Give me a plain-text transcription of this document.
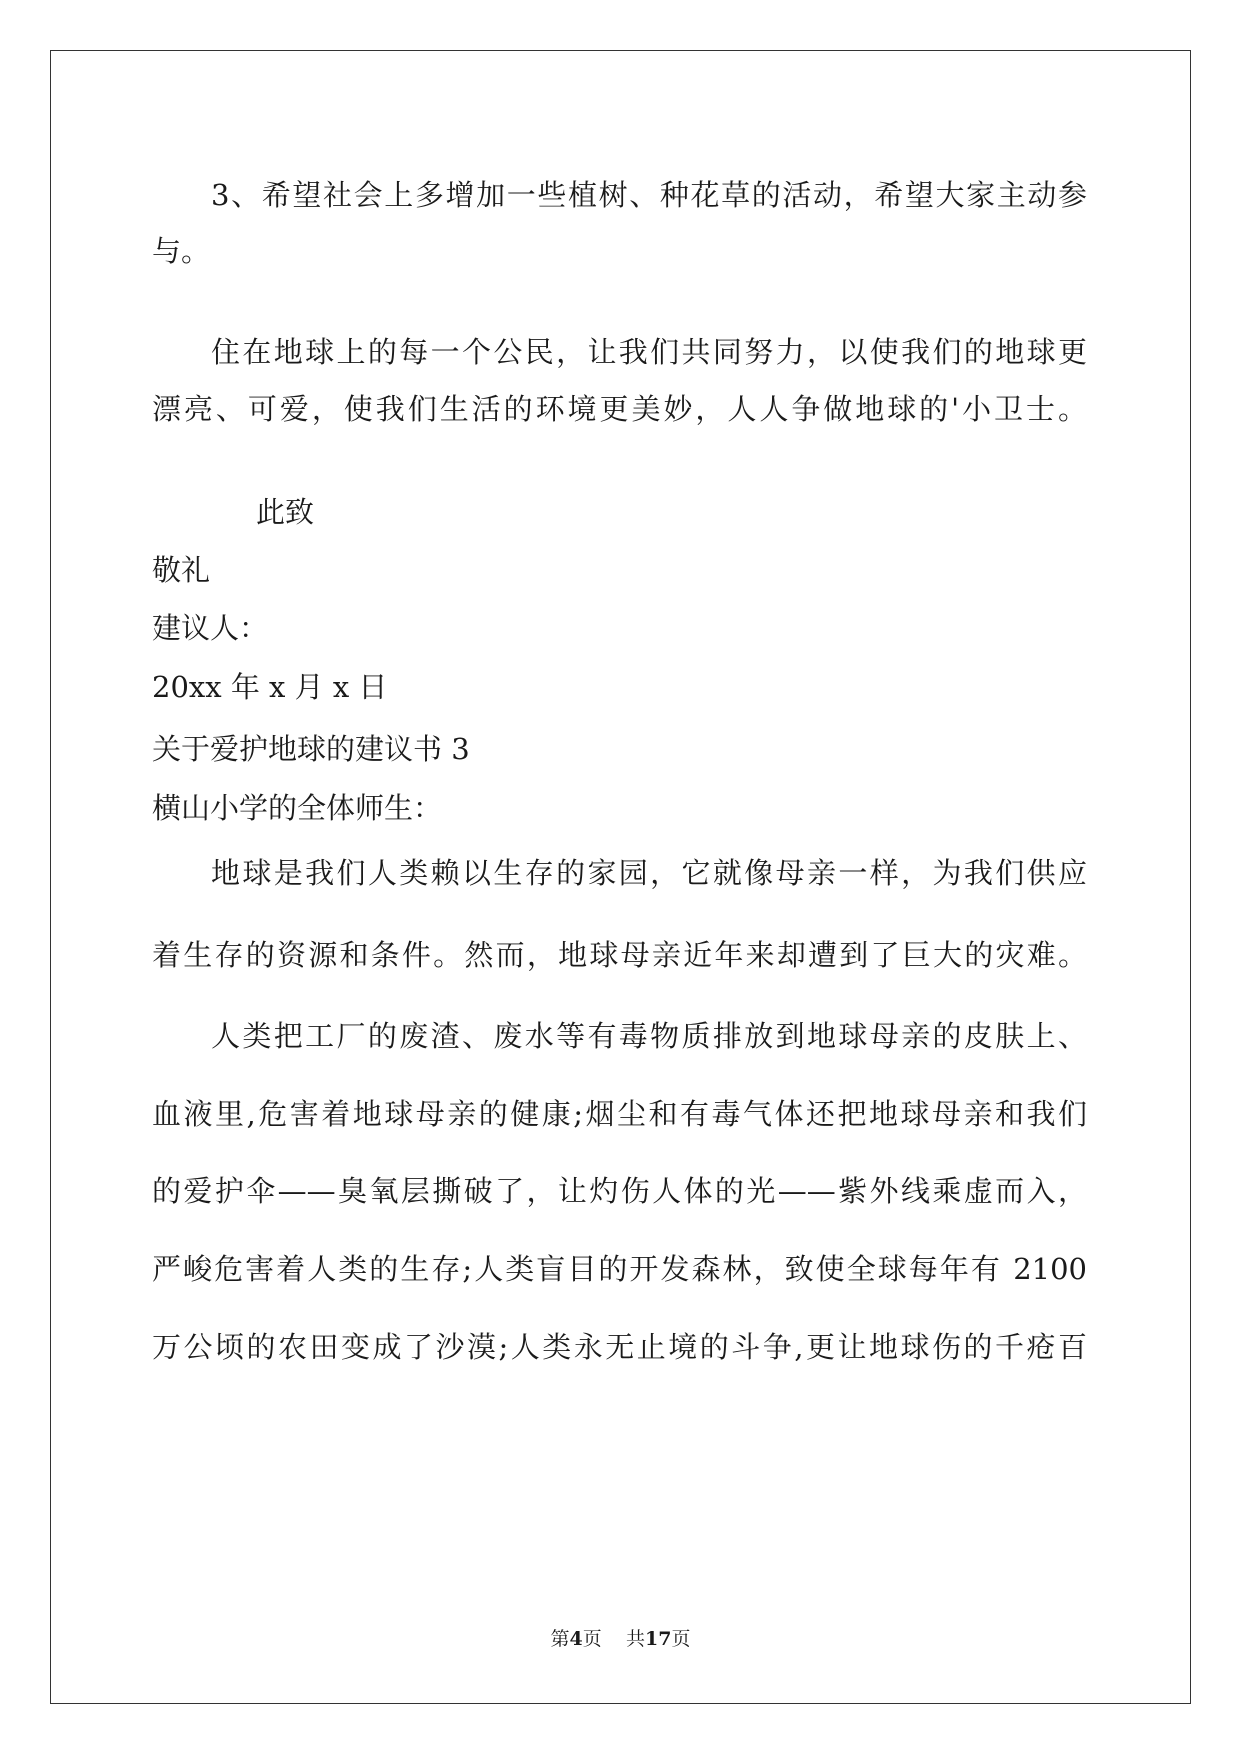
3、希望社会上多增加一些植树、种花草的活动，希望大家主动参
与。
住在地球上的每一个公民，让我们共同努力，以使我们的地球更
漂亮、可爱，使我们生活的环境更美妙，人人争做地球的'小卫士。
此致
敬礼
建议人：
20xx 年 x 月 x 日
关于爱护地球的建议书 3
横山小学的全体师生：
地球是我们人类赖以生存的家园，它就像母亲一样，为我们供应
着生存的资源和条件。然而，地球母亲近年来却遭到了巨大的灾难。
人类把工厂的废渣、废水等有毒物质排放到地球母亲的皮肤上、
血液里,危害着地球母亲的健康;烟尘和有毒气体还把地球母亲和我们
的爱护伞——臭氧层撕破了，让灼伤人体的光——紫外线乘虚而入，
严峻危害着人类的生存;人类盲目的开发森林，致使全球每年有 2100
万公顷的农田变成了沙漠;人类永无止境的斗争,更让地球伤的千疮百
第4页 共17页
